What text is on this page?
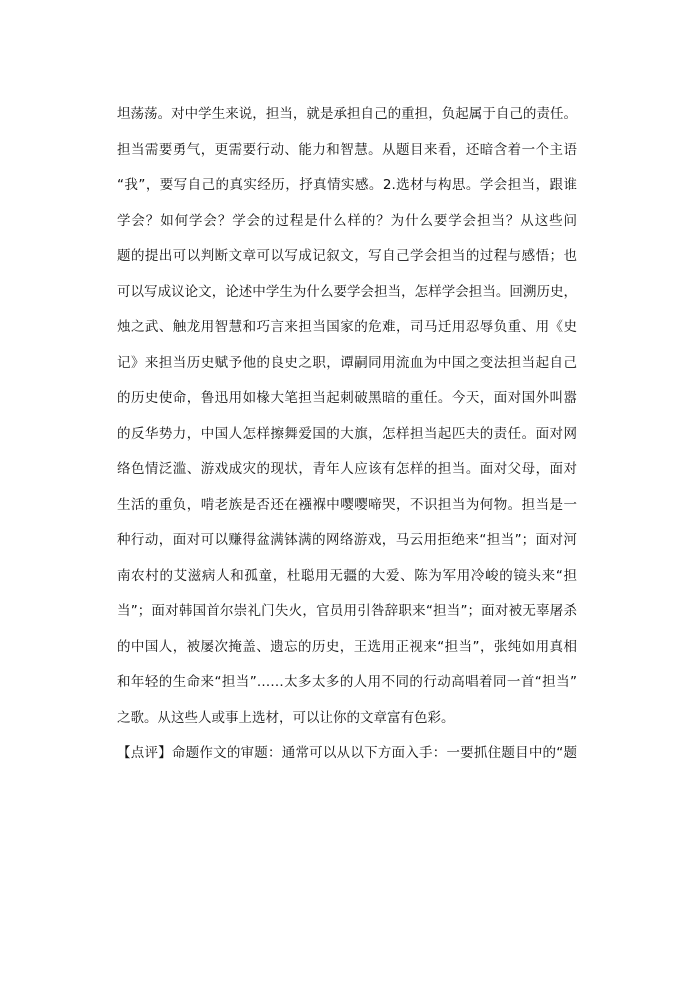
坦荡荡。对中学生来说，担当，就是承担自己的重担，负起属于自己的责任。
担当需要勇气，更需要行动、能力和智慧。从题目来看，还暗含着一个主语
“我”，要写自己的真实经历，抒真情实感。2.选材与构思。学会担当，跟谁
学会？如何学会？学会的过程是什么样的？为什么要学会担当？从这些问
题的提出可以判断文章可以写成记叙文，写自己学会担当的过程与感悟；也
可以写成议论文，论述中学生为什么要学会担当，怎样学会担当。回溯历史，
烛之武、触龙用智慧和巧言来担当国家的危难，司马迁用忍辱负重、用《史
记》来担当历史赋予他的良史之职，谭嗣同用流血为中国之变法担当起自己
的历史使命，鲁迅用如椽大笔担当起刺破黑暗的重任。今天，面对国外叫嚣
的反华势力，中国人怎样擦舞爱国的大旗，怎样担当起匹夫的责任。面对网
络色情泛滥、游戏成灾的现状，青年人应该有怎样的担当。面对父母，面对
生活的重负，啃老族是否还在襁褓中嘤嘤啼哭，不识担当为何物。担当是一
种行动，面对可以赚得盆满钵满的网络游戏，马云用拒绝来“担当”；面对河
南农村的艾滋病人和孤童，杜聪用无疆的大爱、陈为军用冷峻的镜头来“担
当”；面对韩国首尔崇礼门失火，官员用引咎辞职来“担当”；面对被无辜屠杀
的中国人，被屡次掩盖、遗忘的历史，王选用正视来“担当”，张纯如用真相
和年轻的生命来“担当”……太多太多的人用不同的行动高唱着同一首“担当”
之歌。从这些人或事上选材，可以让你的文章富有色彩。
【点评】命题作文的审题：通常可以从以下方面入手：一要抓住题目中的“题
